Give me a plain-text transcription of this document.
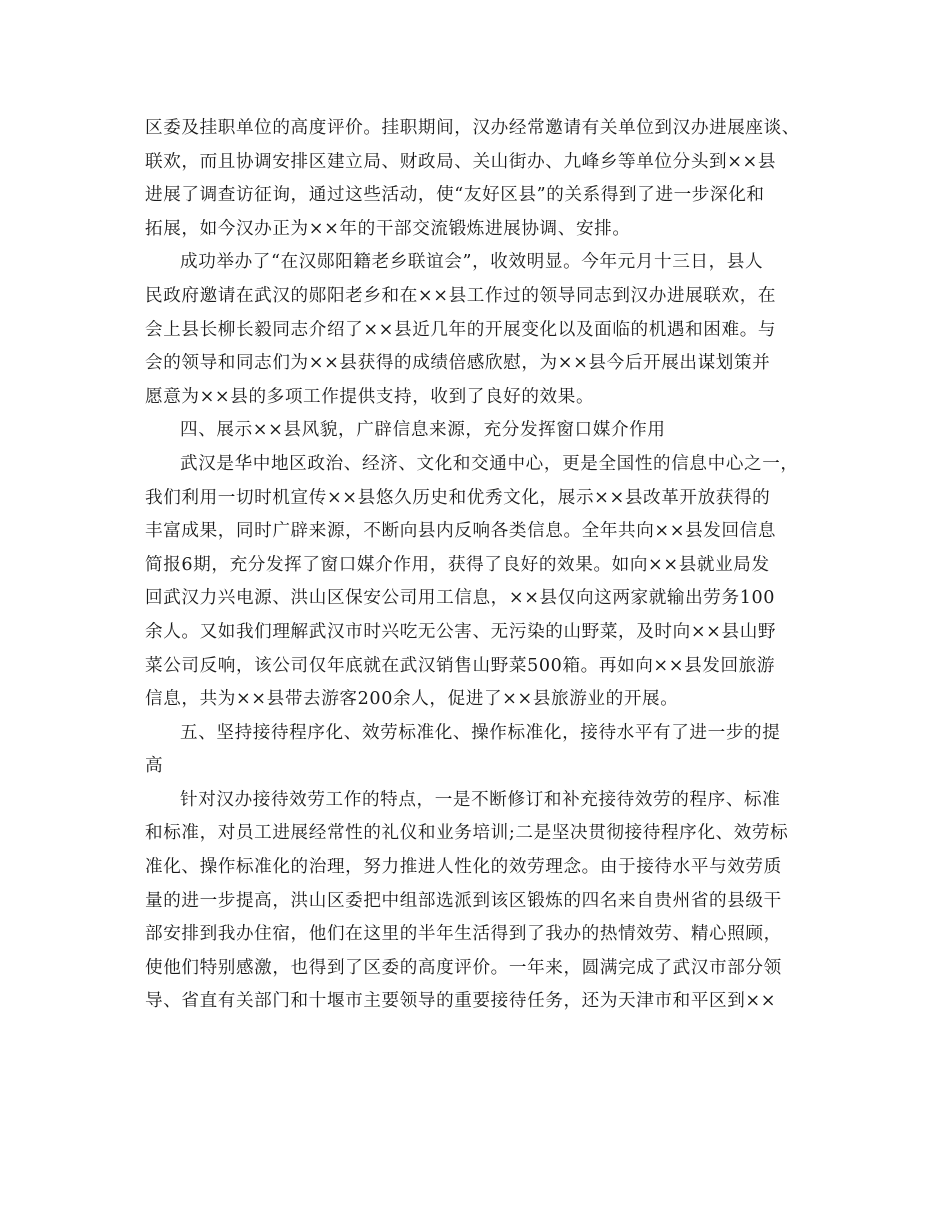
区委及挂职单位的高度评价。挂职期间，汉办经常邀请有关单位到汉办进展座谈、
联欢，而且协调安排区建立局、财政局、关山街办、九峰乡等单位分头到××县
进展了调查访征询，通过这些活动，使“友好区县”的关系得到了进一步深化和
拓展，如今汉办正为××年的干部交流锻炼进展协调、安排。
成功举办了“在汉郧阳籍老乡联谊会”，收效明显。今年元月十三日，县人
民政府邀请在武汉的郧阳老乡和在××县工作过的领导同志到汉办进展联欢，在
会上县长柳长毅同志介绍了××县近几年的开展变化以及面临的机遇和困难。与
会的领导和同志们为××县获得的成绩倍感欣慰，为××县今后开展出谋划策并
愿意为××县的多项工作提供支持，收到了良好的效果。
四、展示××县风貌，广辟信息来源，充分发挥窗口媒介作用
武汉是华中地区政治、经济、文化和交通中心，更是全国性的信息中心之一，
我们利用一切时机宣传××县悠久历史和优秀文化，展示××县改革开放获得的
丰富成果，同时广辟来源，不断向县内反响各类信息。全年共向××县发回信息
简报6期，充分发挥了窗口媒介作用，获得了良好的效果。如向××县就业局发
回武汉力兴电源、洪山区保安公司用工信息，××县仅向这两家就输出劳务100
余人。又如我们理解武汉市时兴吃无公害、无污染的山野菜，及时向××县山野
菜公司反响，该公司仅年底就在武汉销售山野菜500箱。再如向××县发回旅游
信息，共为××县带去游客200余人，促进了××县旅游业的开展。
五、坚持接待程序化、效劳标准化、操作标准化，接待水平有了进一步的提
高
针对汉办接待效劳工作的特点，一是不断修订和补充接待效劳的程序、标准
和标准，对员工进展经常性的礼仪和业务培训;二是坚决贯彻接待程序化、效劳标
准化、操作标准化的治理，努力推进人性化的效劳理念。由于接待水平与效劳质
量的进一步提高，洪山区委把中组部选派到该区锻炼的四名来自贵州省的县级干
部安排到我办住宿，他们在这里的半年生活得到了我办的热情效劳、精心照顾，
使他们特别感激，也得到了区委的高度评价。一年来，圆满完成了武汉市部分领
导、省直有关部门和十堰市主要领导的重要接待任务，还为天津市和平区到××
